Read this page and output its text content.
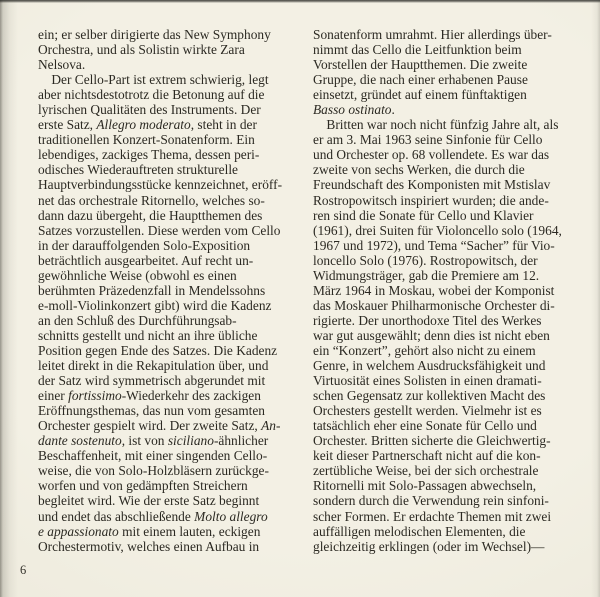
ein; er selber dirigierte das New Symphony
Orchestra, und als Solistin wirkte Zara
Nelsova.
 Der Cello-Part ist extrem schwierig, legt
aber nichtsdestotrotz die Betonung auf die
lyrischen Qualitäten des Instruments. Der
erste Satz, Allegro moderato, steht in der
traditionellen Konzert-Sonatenform. Ein
lebendiges, zackiges Thema, dessen peri-
odisches Wiederauftreten strukturelle
Hauptverbindungsstücke kennzeichnet, eröff-
net das orchestrale Ritornello, welches so-
dann dazu übergeht, die Hauptthemen des
Satzes vorzustellen. Diese werden vom Cello
in der darauffolgenden Solo-Exposition
beträchtlich ausgearbeitet. Auf recht un-
gewöhnliche Weise (obwohl es einen
berühmten Präzedenzfall in Mendelssohns
e-moll-Violinkonzert gibt) wird die Kadenz
an den Schluß des Durchführungsab-
schnitts gestellt und nicht an ihre übliche
Position gegen Ende des Satzes. Die Kadenz
leitet direkt in die Rekapitulation über, und
der Satz wird symmetrisch abgerundet mit
einer fortissimo-Wiederkehr des zackigen
Eröffnungsthemas, das nun vom gesamten
Orchester gespielt wird. Der zweite Satz, An-
dante sostenuto, ist von siciliano-ähnlicher
Beschaffenheit, mit einer singenden Cello-
weise, die von Solo-Holzbläsern zurückge-
worfen und von gedämpften Streichern
begleitet wird. Wie der erste Satz beginnt
und endet das abschließende Molto allegro
e appassionato mit einem lauten, eckigen
Orchestermotiv, welches einen Aufbau in
Sonatenform umrahmt. Hier allerdings über-
nimmt das Cello die Leitfunktion beim
Vorstellen der Hauptthemen. Die zweite
Gruppe, die nach einer erhabenen Pause
einsetzt, gründet auf einem fünftaktigen
Basso ostinato.
 Britten war noch nicht fünfzig Jahre alt, als
er am 3. Mai 1963 seine Sinfonie für Cello
und Orchester op. 68 vollendete. Es war das
zweite von sechs Werken, die durch die
Freundschaft des Komponisten mit Mstislav
Rostropowitsch inspiriert wurden; die ande-
ren sind die Sonate für Cello und Klavier
(1961), drei Suiten für Violoncello solo (1964,
1967 und 1972), und Tema “Sacher” für Vio-
loncello Solo (1976). Rostropowitsch, der
Widmungsträger, gab die Premiere am 12.
März 1964 in Moskau, wobei der Komponist
das Moskauer Philharmonische Orchester di-
rigierte. Der unorthodoxe Titel des Werkes
war gut ausgewählt; denn dies ist nicht eben
ein “Konzert”, gehört also nicht zu einem
Genre, in welchem Ausdrucksfähigkeit und
Virtuosität eines Solisten in einen dramati-
schen Gegensatz zur kollektiven Macht des
Orchesters gestellt werden. Vielmehr ist es
tatsächlich eher eine Sonate für Cello und
Orchester. Britten sicherte die Gleichwertig-
keit dieser Partnerschaft nicht auf die kon-
zertübliche Weise, bei der sich orchestrale
Ritornelli mit Solo-Passagen abwechseln,
sondern durch die Verwendung rein sinfoni-
scher Formen. Er erdachte Themen mit zwei
auffälligen melodischen Elementen, die
gleichzeitig erklingen (oder im Wechsel)—
6
